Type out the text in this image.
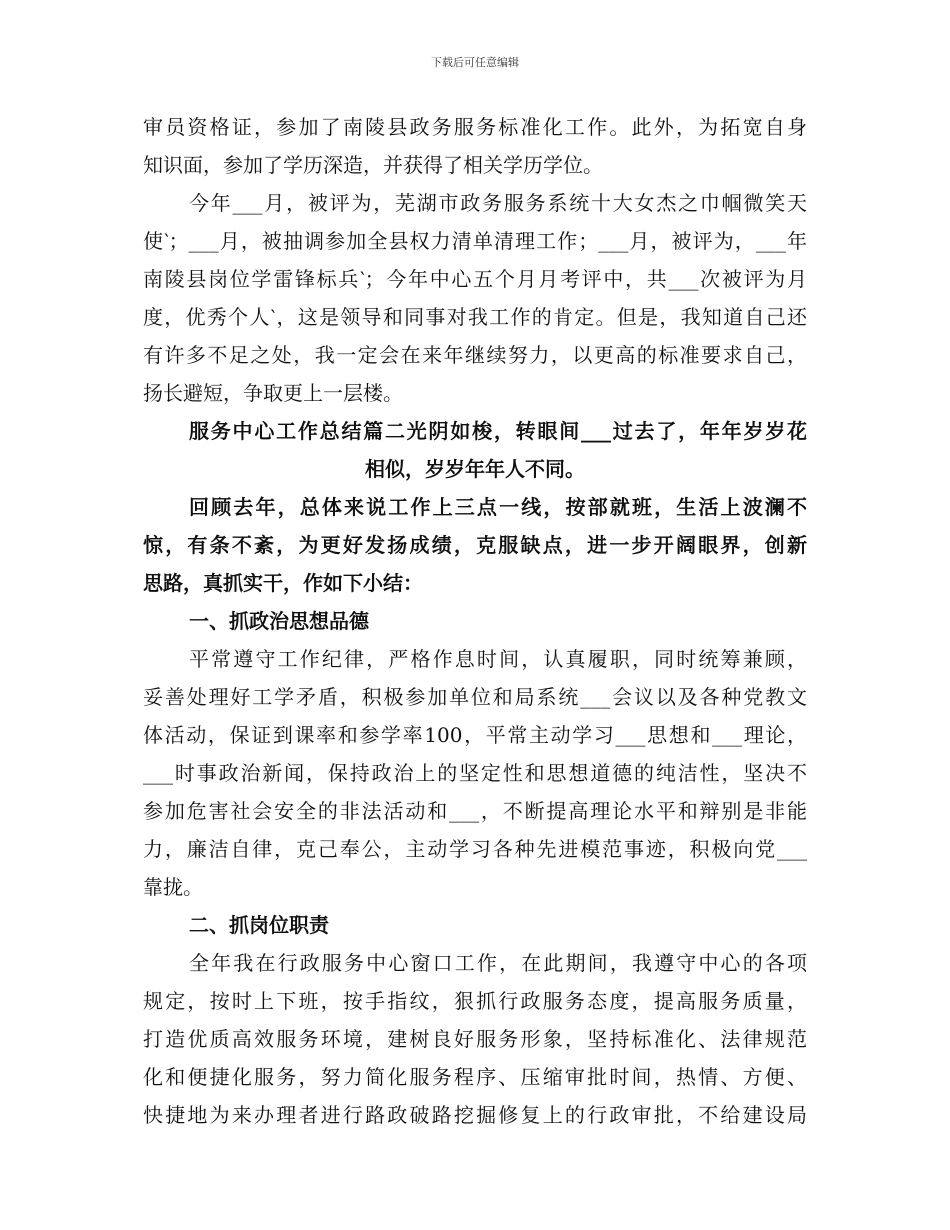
下载后可任意编辑
审员资格证，参加了南陵县政务服务标准化工作。此外，为拓宽自身
知识面，参加了学历深造，并获得了相关学历学位。
今年___月，被评为，芜湖市政务服务系统十大女杰之巾帼微笑天
使‵；___月，被抽调参加全县权力清单清理工作；___月，被评为，___年
南陵县岗位学雷锋标兵‵；今年中心五个月月考评中，共___次被评为月
度，优秀个人‵，这是领导和同事对我工作的肯定。但是，我知道自己还
有许多不足之处，我一定会在来年继续努力，以更高的标准要求自己，
扬长避短，争取更上一层楼。
服务中心工作总结篇二光阴如梭，转眼间___过去了，年年岁岁花
相似，岁岁年年人不同。
回顾去年，总体来说工作上三点一线，按部就班，生活上波澜不
惊，有条不紊，为更好发扬成绩，克服缺点，进一步开阔眼界，创新
思路，真抓实干，作如下小结：
一、抓政治思想品德
平常遵守工作纪律，严格作息时间，认真履职，同时统筹兼顾，
妥善处理好工学矛盾，积极参加单位和局系统___会议以及各种党教文
体活动，保证到课率和参学率100，平常主动学习___思想和___理论，
___时事政治新闻，保持政治上的坚定性和思想道德的纯洁性，坚决不
参加危害社会安全的非法活动和___，不断提高理论水平和辩别是非能
力，廉洁自律，克己奉公，主动学习各种先进模范事迹，积极向党___
靠拢。
二、抓岗位职责
全年我在行政服务中心窗口工作，在此期间，我遵守中心的各项
规定，按时上下班，按手指纹，狠抓行政服务态度，提高服务质量，
打造优质高效服务环境，建树良好服务形象，坚持标准化、法律规范
化和便捷化服务，努力简化服务程序、压缩审批时间，热情、方便、
快捷地为来办理者进行路政破路挖掘修复上的行政审批，不给建设局
